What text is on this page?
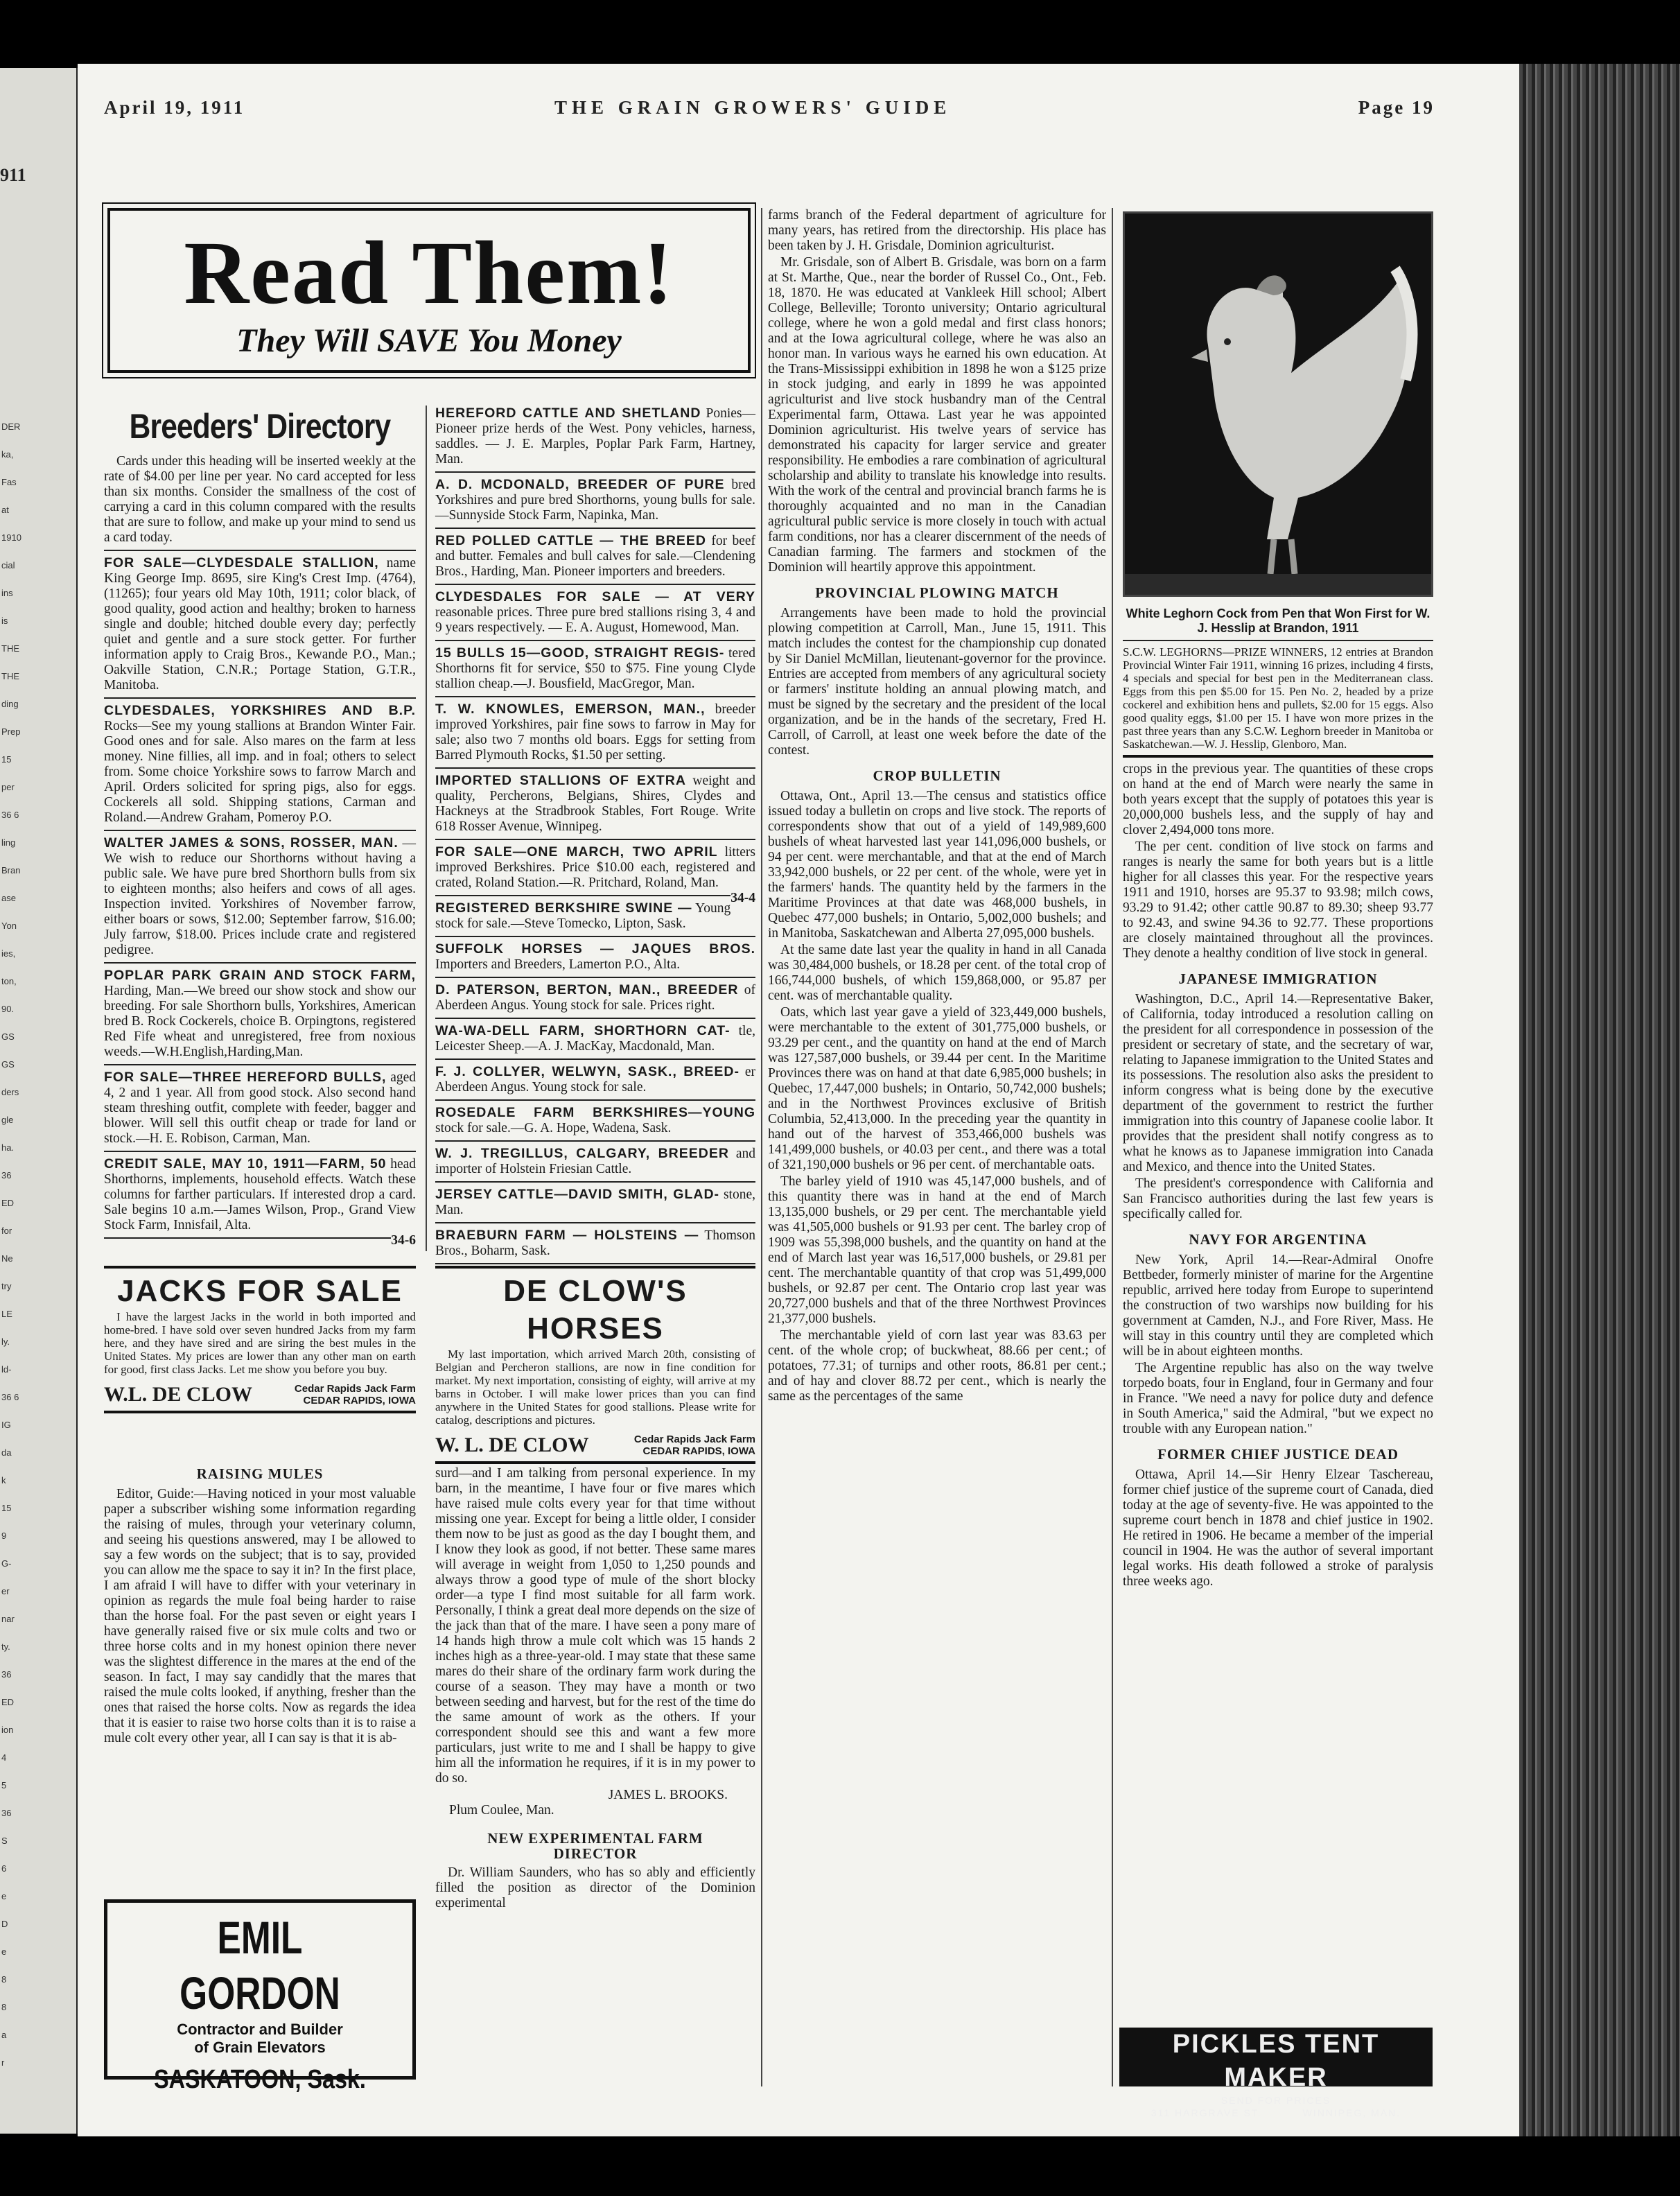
911
DER
ka,
Fas
at
1910
cial
ins
is
THE
THE
ding
Prep
15
per
36 6
ling
Bran
ase
Yon
ies,
ton,
90.
GS
GS
ders
gle
ha.
36
ED
for
Ne
try
LE
ly.
ld-
36 6
IG
da
k
15
9
G-
er
nar
ty.
36
ED
ion
4
5
36
S
6
e
D
e
8
8
a
r
April 19, 1911	THE GRAIN GROWERS' GUIDE	Page 19
Read Them!
They Will SAVE You Money
Breeders' Directory

Cards under this heading will be inserted weekly at the rate of $4.00 per line per year. No card accepted for less than six months. Consider the smallness of the cost of carrying a card in this column compared with the results that are sure to follow, and make up your mind to send us a card today.

FOR SALE—CLYDESDALE STALLION, name King George Imp. 8695, sire King's Crest Imp. (4764), (11265); four years old May 10th, 1911; color black, of good quality, good action and healthy; broken to harness single and double; hitched double every day; perfectly quiet and gentle and a sure stock getter. For further information apply to Craig Bros., Kewande P.O., Man.; Oakville Station, C.N.R.; Portage Station, G.T.R., Manitoba.

CLYDESDALES, YORKSHIRES AND B.P. Rocks—See my young stallions at Brandon Winter Fair. Good ones and for sale. Also mares on the farm at less money. Nine fillies, all imp. and in foal; others to select from. Some choice Yorkshire sows to farrow March and April. Orders solicited for spring pigs, also for eggs. Cockerels all sold. Shipping stations, Carman and Roland.—Andrew Graham, Pomeroy P.O.

WALTER JAMES & SONS, ROSSER, MAN. —We wish to reduce our Shorthorns without having a public sale. We have pure bred Shorthorn bulls from six to eighteen months; also heifers and cows of all ages. Inspection invited. Yorkshires of November farrow, either boars or sows, $12.00; September farrow, $16.00; July farrow, $18.00. Prices include crate and registered pedigree.

POPLAR PARK GRAIN AND STOCK FARM, Harding, Man.—We breed our show stock and show our breeding. For sale Shorthorn bulls, Yorkshires, American bred B. Rock Cockerels, choice B. Orpingtons, registered Red Fife wheat and unregistered, free from noxious weeds.—W.H.English,Harding,Man.

FOR SALE—THREE HEREFORD BULLS, aged 4, 2 and 1 year. All from good stock. Also second hand steam threshing outfit, complete with feeder, bagger and blower. Will sell this outfit cheap or trade for land or stock.—H. E. Robison, Carman, Man.

CREDIT SALE, MAY 10, 1911—FARM, 50 head Shorthorns, implements, household effects. Watch these columns for farther particulars. If interested drop a card. Sale begins 10 a.m.—James Wilson, Prop., Grand View Stock Farm, Innisfail, Alta.

34-6

HEREFORD CATTLE AND SHETLAND Ponies—Pioneer prize herds of the West. Pony vehicles, harness, saddles. — J. E. Marples, Poplar Park Farm, Hartney, Man.

A. D. MCDONALD, BREEDER OF PURE bred Yorkshires and pure bred Shorthorns, young bulls for sale.—Sunnyside Stock Farm, Napinka, Man.

RED POLLED CATTLE — THE BREED for beef and butter. Females and bull calves for sale.—Clendening Bros., Harding, Man. Pioneer importers and breeders.

CLYDESDALES FOR SALE — AT VERY reasonable prices. Three pure bred stallions rising 3, 4 and 9 years respectively. — E. A. August, Homewood, Man.

15 BULLS 15—GOOD, STRAIGHT REGIS- tered Shorthorns fit for service, $50 to $75. Fine young Clyde stallion cheap.—J. Bousfield, MacGregor, Man.

T. W. KNOWLES, EMERSON, MAN., breeder improved Yorkshires, pair fine sows to farrow in May for sale; also two 7 months old boars. Eggs for setting from Barred Plymouth Rocks, $1.50 per setting.

IMPORTED STALLIONS OF EXTRA weight and quality, Percherons, Belgians, Shires, Clydes and Hackneys at the Stradbrook Stables, Fort Rouge. Write 618 Rosser Avenue, Winnipeg.

FOR SALE—ONE MARCH, TWO APRIL litters improved Berkshires. Price $10.00 each, registered and crated, Roland Station.—R. Pritchard, Roland, Man.

34-4

REGISTERED BERKSHIRE SWINE — Young stock for sale.—Steve Tomecko, Lipton, Sask.

SUFFOLK HORSES — JAQUES BROS. Importers and Breeders, Lamerton P.O., Alta.

D. PATERSON, BERTON, MAN., BREEDER of Aberdeen Angus. Young stock for sale. Prices right.

WA-WA-DELL FARM, SHORTHORN CAT- tle, Leicester Sheep.—A. J. MacKay, Macdonald, Man.

F. J. COLLYER, WELWYN, SASK., BREED- er Aberdeen Angus. Young stock for sale.

ROSEDALE FARM BERKSHIRES—YOUNG stock for sale.—G. A. Hope, Wadena, Sask.

W. J. TREGILLUS, CALGARY, BREEDER and importer of Holstein Friesian Cattle.

JERSEY CATTLE—DAVID SMITH, GLAD- stone, Man.

BRAEBURN FARM — HOLSTEINS — Thomson Bros., Boharm, Sask.

JACKS FOR SALE

I have the largest Jacks in the world in both imported and home-bred. I have sold over seven hundred Jacks from my farm here, and they have sired and are siring the best mules in the United States. My prices are lower than any other man on earth for good, first class Jacks. Let me show you before you buy.

W.L. DE CLOW	Cedar Rapids Jack Farm
CEDAR RAPIDS, IOWA
DE CLOW'S HORSES

My last importation, which arrived March 20th, consisting of Belgian and Percheron stallions, are now in fine condition for market. My next importation, consisting of eighty, will arrive at my barns in October. I will make lower prices than you can find anywhere in the United States for good stallions. Please write for catalog, descriptions and pictures.

W. L. DE CLOW	Cedar Rapids Jack Farm
CEDAR RAPIDS, IOWA
RAISING MULES

Editor, Guide:—Having noticed in your most valuable paper a subscriber wishing some information regarding the raising of mules, through your veterinary column, and seeing his questions answered, may I be allowed to say a few words on the subject; that is to say, provided you can allow me the space to say it in? In the first place, I am afraid I will have to differ with your veterinary in opinion as regards the mule foal being harder to raise than the horse foal. For the past seven or eight years I have generally raised five or six mule colts and two or three horse colts and in my honest opinion there never was the slightest difference in the mares at the end of the season. In fact, I may say candidly that the mares that raised the mule colts looked, if anything, fresher than the ones that raised the horse colts. Now as regards the idea that it is easier to raise two horse colts than it is to raise a mule colt every other year, all I can say is that it is ab-

surd—and I am talking from personal experience. In my barn, in the meantime, I have four or five mares which have raised mule colts every year for that time without missing one year. Except for being a little older, I consider them now to be just as good as the day I bought them, and I know they look as good, if not better. These same mares will average in weight from 1,050 to 1,250 pounds and always throw a good type of mule of the short blocky order—a type I find most suitable for all farm work. Personally, I think a great deal more depends on the size of the jack than that of the mare. I have seen a pony mare of 14 hands high throw a mule colt which was 15 hands 2 inches high as a three-year-old. I may state that these same mares do their share of the ordinary farm work during the course of a season. They may have a month or two between seeding and harvest, but for the rest of the time do the same amount of work as the others. If your correspondent should see this and want a few more particulars, just write to me and I shall be happy to give him all the information he requires, if it is in my power to do so.

JAMES L. BROOKS.
Plum Coulee, Man.
NEW EXPERIMENTAL FARM
DIRECTOR

Dr. William Saunders, who has so ably and efficiently filled the position as director of the Dominion experimental

EMIL GORDON
Contractor and Builder
of Grain Elevators
SASKATOON, Sask.

farms branch of the Federal department of agriculture for many years, has retired from the directorship. His place has been taken by J. H. Grisdale, Dominion agriculturist.

Mr. Grisdale, son of Albert B. Grisdale, was born on a farm at St. Marthe, Que., near the border of Russel Co., Ont., Feb. 18, 1870. He was educated at Vankleek Hill school; Albert College, Belleville; Toronto university; Ontario agricultural college, where he won a gold medal and first class honors; and at the Iowa agricultural college, where he was also an honor man. In various ways he earned his own education. At the Trans-Mississippi exhibition in 1898 he won a $125 prize in stock judging, and early in 1899 he was appointed agriculturist and live stock husbandry man of the Central Experimental farm, Ottawa. Last year he was appointed Dominion agriculturist. His twelve years of service has demonstrated his capacity for larger service and greater responsibility. He embodies a rare combination of agricultural scholarship and ability to translate his knowledge into results. With the work of the central and provincial branch farms he is thoroughly acquainted and no man in the Canadian agricultural public service is more closely in touch with actual farm conditions, nor has a clearer discernment of the needs of Canadian farming. The farmers and stockmen of the Dominion will heartily approve this appointment.

PROVINCIAL PLOWING MATCH

Arrangements have been made to hold the provincial plowing competition at Carroll, Man., June 15, 1911. This match includes the contest for the championship cup donated by Sir Daniel McMillan, lieutenant-governor for the province. Entries are accepted from members of any agricultural society or farmers' institute holding an annual plowing match, and must be signed by the secretary and the president of the local organization, and be in the hands of the secretary, Fred H. Carroll, of Carroll, at least one week before the date of the contest.

CROP BULLETIN

Ottawa, Ont., April 13.—The census and statistics office issued today a bulletin on crops and live stock. The reports of correspondents show that out of a yield of 149,989,600 bushels of wheat harvested last year 141,096,000 bushels, or 94 per cent. were merchantable, and that at the end of March 33,942,000 bushels, or 22 per cent. of the whole, were yet in the farmers' hands. The quantity held by the farmers in the Maritime Provinces at that date was 468,000 bushels, in Quebec 477,000 bushels; in Ontario, 5,002,000 bushels; and in Manitoba, Saskatchewan and Alberta 27,095,000 bushels.

At the same date last year the quality in hand in all Canada was 30,484,000 bushels, or 18.28 per cent. of the total crop of 166,744,000 bushels, of which 159,868,000, or 95.87 per cent. was of merchantable quality.

Oats, which last year gave a yield of 323,449,000 bushels, were merchantable to the extent of 301,775,000 bushels, or 93.29 per cent., and the quantity on hand at the end of March was 127,587,000 bushels, or 39.44 per cent. In the Maritime Provinces there was on hand at that date 6,985,000 bushels; in Quebec, 17,447,000 bushels; in Ontario, 50,742,000 bushels; and in the Northwest Provinces exclusive of British Columbia, 52,413,000. In the preceding year the quantity in hand out of the harvest of 353,466,000 bushels was 141,499,000 bushels, or 40.03 per cent., and there was a total of 321,190,000 bushels or 96 per cent. of merchantable oats.

The barley yield of 1910 was 45,147,000 bushels, and of this quantity there was in hand at the end of March 13,135,000 bushels, or 29 per cent. The merchantable yield was 41,505,000 bushels or 91.93 per cent. The barley crop of 1909 was 55,398,000 bushels, and the quantity on hand at the end of March last year was 16,517,000 bushels, or 29.81 per cent. The merchantable quantity of that crop was 51,499,000 bushels, or 92.87 per cent. The Ontario crop last year was 20,727,000 bushels and that of the three Northwest Provinces 21,377,000 bushels.

The merchantable yield of corn last year was 83.63 per cent. of the whole crop; of buckwheat, 88.66 per cent.; of potatoes, 77.31; of turnips and other roots, 86.81 per cent.; and of hay and clover 88.72 per cent., which is nearly the same as the percentages of the same

White Leghorn Cock from Pen that Won First for W. J. Hesslip at Brandon, 1911

S.C.W. LEGHORNS—PRIZE WINNERS, 12 entries at Brandon Provincial Winter Fair 1911, winning 16 prizes, including 4 firsts, 4 specials and special for best pen in the Mediterranean class. Eggs from this pen $5.00 for 15. Pen No. 2, headed by a prize cockerel and exhibition hens and pullets, $2.00 for 15 eggs. Also good quality eggs, $1.00 per 15. I have won more prizes in the past three years than any S.C.W. Leghorn breeder in Manitoba or Saskatchewan.—W. J. Hesslip, Glenboro, Man.

crops in the previous year. The quantities of these crops on hand at the end of March were nearly the same in both years except that the supply of potatoes this year is 20,000,000 bushels less, and the supply of hay and clover 2,494,000 tons more.

The per cent. condition of live stock on farms and ranges is nearly the same for both years but is a little higher for all classes this year. For the respective years 1911 and 1910, horses are 95.37 to 93.98; milch cows, 93.29 to 91.42; other cattle 90.87 to 89.30; sheep 93.77 to 92.43, and swine 94.36 to 92.77. These proportions are closely maintained throughout all the provinces. They denote a healthy condition of live stock in general.

JAPANESE IMMIGRATION

Washington, D.C., April 14.—Representative Baker, of California, today introduced a resolution calling on the president for all correspondence in possession of the president or secretary of state, and the secretary of war, relating to Japanese immigration to the United States and its possessions. The resolution also asks the president to inform congress what is being done by the executive department of the government to restrict the further immigration into this country of Japanese coolie labor. It provides that the president shall notify congress as to what he knows as to Japanese immigration into Canada and Mexico, and thence into the United States.

The president's correspondence with California and San Francisco authorities during the last few years is specifically called for.

NAVY FOR ARGENTINA

New York, April 14.—Rear-Admiral Onofre Bettbeder, formerly minister of marine for the Argentine republic, arrived here today from Europe to superintend the construction of two warships now building for his government at Camden, N.J., and Fore River, Mass. He will stay in this country until they are completed which will be in about eighteen months.

The Argentine republic has also on the way twelve torpedo boats, four in England, four in Germany and four in France. "We need a navy for police duty and defence in South America," said the Admiral, "but we expect no trouble with any European nation."

FORMER CHIEF JUSTICE DEAD

Ottawa, April 14.—Sir Henry Elzear Taschereau, former chief justice of the supreme court of Canada, died today at the age of seventy-five. He was appointed to the supreme court bench in 1878 and chief justice in 1902. He retired in 1906. He became a member of the imperial council in 1904. He was the author of several important legal works. His death followed a stroke of paralysis three weeks ago.

PICKLES TENT MAKER
SEND FOR PRICES
311 HARGRAVE ST.          WINNIPEG, MAN.
